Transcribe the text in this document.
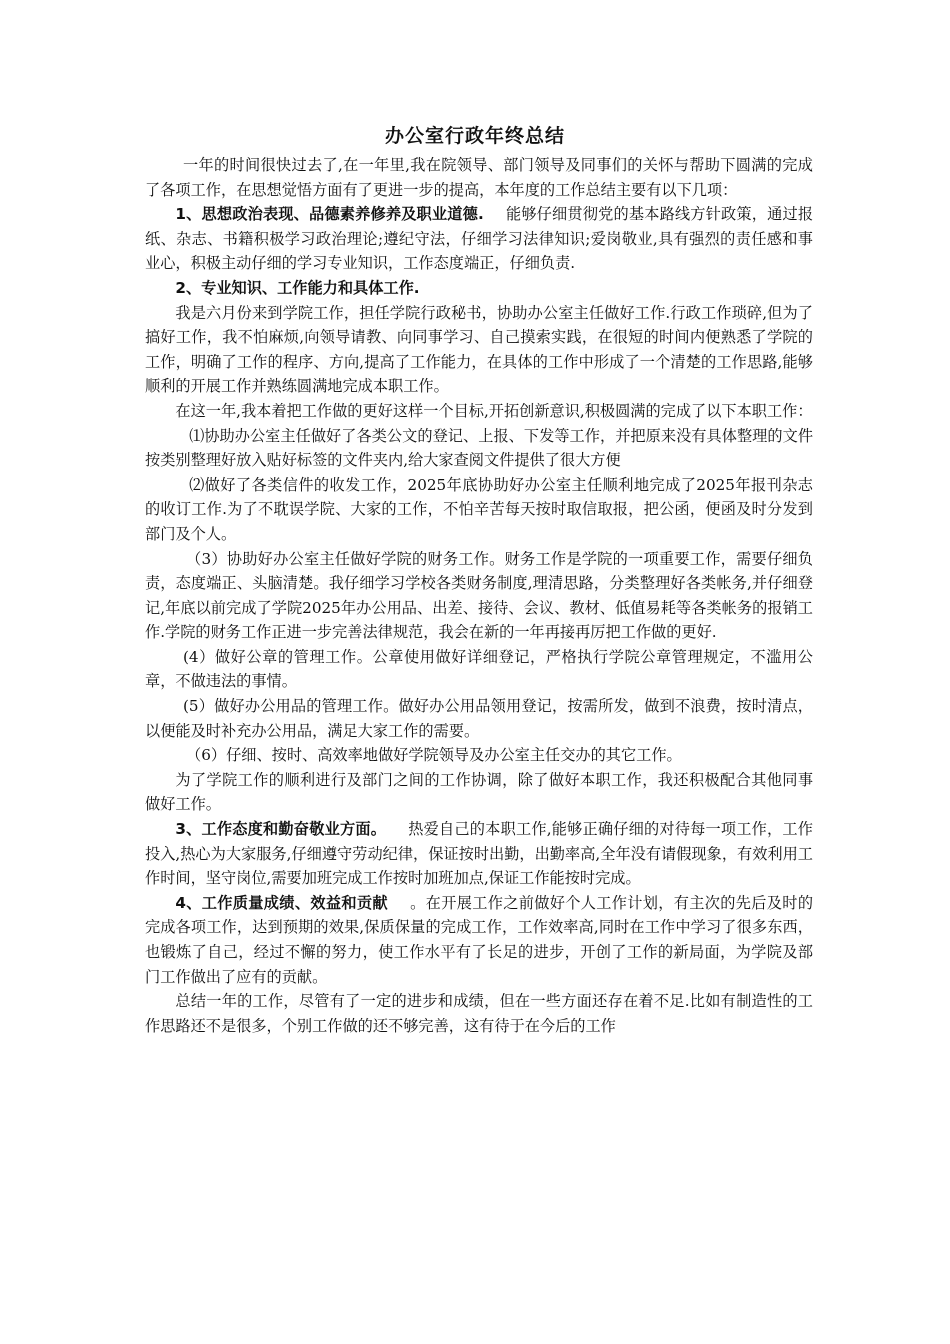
办公室行政年终总结

一年的时间很快过去了,在一年里,我在院领导、部门领导及同事们的关怀与帮助下圆满的完成了各项工作，在思想觉悟方面有了更进一步的提高，本年度的工作总结主要有以下几项：

1、思想政治表现、品德素养修养及职业道德. 能够仔细贯彻党的基本路线方针政策，通过报纸、杂志、书籍积极学习政治理论;遵纪守法，仔细学习法律知识;爱岗敬业,具有强烈的责任感和事业心，积极主动仔细的学习专业知识，工作态度端正，仔细负责.

2、专业知识、工作能力和具体工作.

我是六月份来到学院工作，担任学院行政秘书，协助办公室主任做好工作.行政工作琐碎,但为了搞好工作，我不怕麻烦,向领导请教、向同事学习、自己摸索实践，在很短的时间内便熟悉了学院的工作，明确了工作的程序、方向,提高了工作能力，在具体的工作中形成了一个清楚的工作思路,能够顺利的开展工作并熟练圆满地完成本职工作。

在这一年,我本着把工作做的更好这样一个目标,开拓创新意识,积极圆满的完成了以下本职工作：

⑴协助办公室主任做好了各类公文的登记、上报、下发等工作，并把原来没有具体整理的文件按类别整理好放入贴好标签的文件夹内,给大家查阅文件提供了很大方便

⑵做好了各类信件的收发工作，2025年底协助好办公室主任顺利地完成了2025年报刊杂志的收订工作.为了不耽误学院、大家的工作，不怕辛苦每天按时取信取报，把公函，便函及时分发到部门及个人。

（3）协助好办公室主任做好学院的财务工作。财务工作是学院的一项重要工作，需要仔细负责，态度端正、头脑清楚。我仔细学习学校各类财务制度,理清思路，分类整理好各类帐务,并仔细登记,年底以前完成了学院2025年办公用品、出差、接待、会议、教材、低值易耗等各类帐务的报销工作.学院的财务工作正进一步完善法律规范，我会在新的一年再接再厉把工作做的更好.

(4）做好公章的管理工作。公章使用做好详细登记，严格执行学院公章管理规定，不滥用公章，不做违法的事情。

(5）做好办公用品的管理工作。做好办公用品领用登记，按需所发，做到不浪费，按时清点，以便能及时补充办公用品，满足大家工作的需要。

（6）仔细、按时、高效率地做好学院领导及办公室主任交办的其它工作。

为了学院工作的顺利进行及部门之间的工作协调，除了做好本职工作，我还积极配合其他同事做好工作。

3、工作态度和勤奋敬业方面。 热爱自己的本职工作,能够正确仔细的对待每一项工作，工作投入,热心为大家服务,仔细遵守劳动纪律，保证按时出勤，出勤率高,全年没有请假现象，有效利用工作时间，坚守岗位,需要加班完成工作按时加班加点,保证工作能按时完成。

4、工作质量成绩、效益和贡献 。在开展工作之前做好个人工作计划，有主次的先后及时的完成各项工作，达到预期的效果,保质保量的完成工作，工作效率高,同时在工作中学习了很多东西，也锻炼了自己，经过不懈的努力，使工作水平有了长足的进步，开创了工作的新局面，为学院及部门工作做出了应有的贡献。

总结一年的工作，尽管有了一定的进步和成绩，但在一些方面还存在着不足.比如有制造性的工作思路还不是很多，个别工作做的还不够完善，这有待于在今后的工作
